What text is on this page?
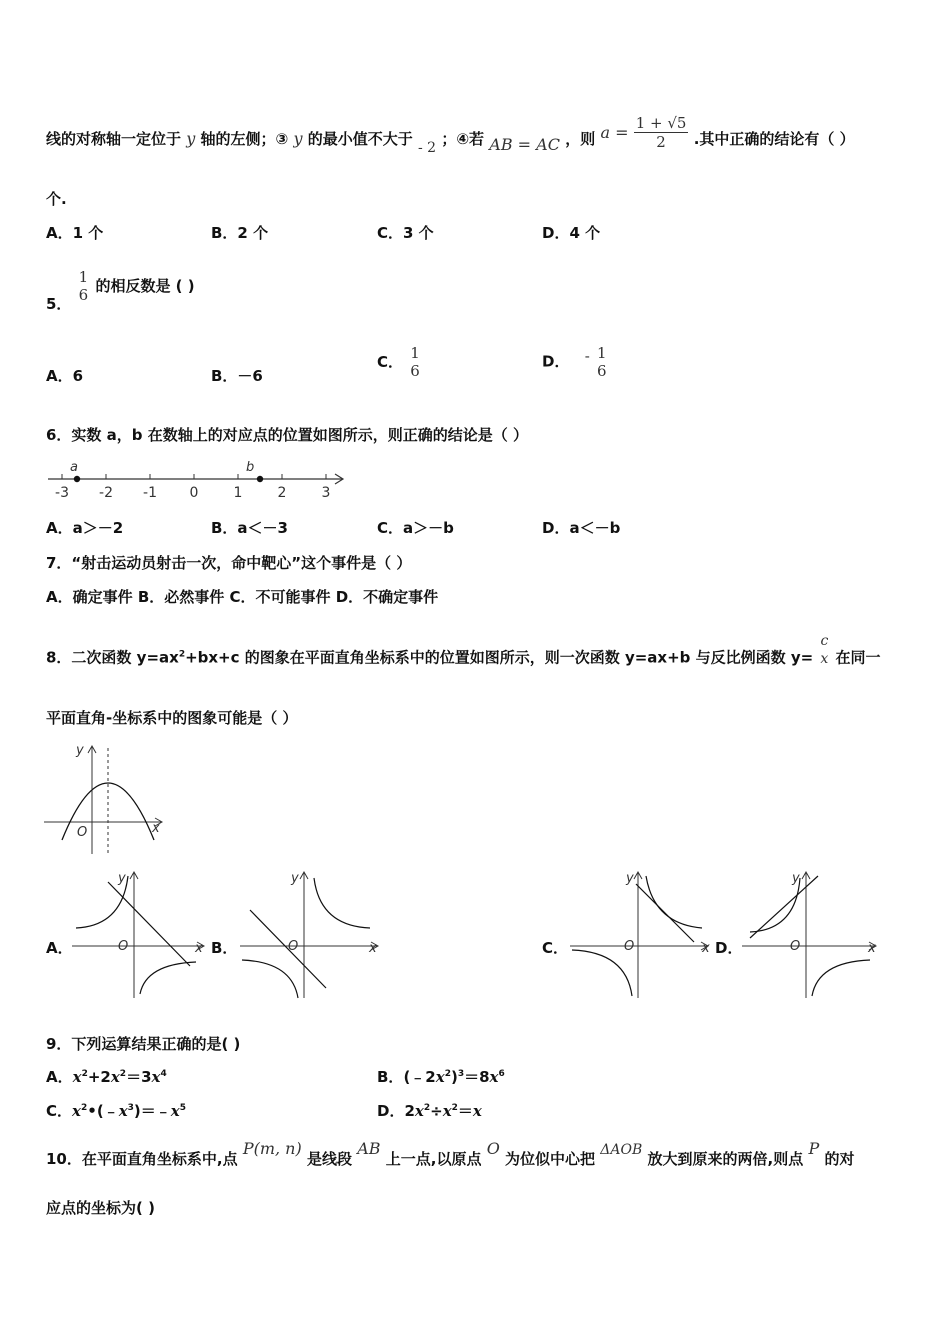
线的对称轴一定位于 y 轴的左侧；③ y 的最小值不大于 - 2 ；④若 AB = AC ，则 $a = \frac{1 + √5}{2}$ .其中正确的结论有（ ）
个.
A．1 个	B．2 个	C．3 个	D．4 个
5．
1
6
的相反数是 ( )
A．6	B．－6
C． 1
6
D． - 1
6
6．实数 a，b 在数轴上的对应点的位置如图所示，则正确的结论是（ ）
-3 -2 -1 0	1	2	3
a	b
A．a＞－2	B．a＜－3	C．a＞－b	D．a＜－b
7．“射击运动员射击一次，命中靶心”这个事件是（ ）
A．确定事件 B．必然事件 C．不可能事件 D．不确定事件
8．二次函数 $y=ax^2+bx+c$ 的图象在平面直角坐标系中的位置如图所示，则一次函数 y=ax+b 与反比例函数 y=
c
x 在同一
平面直角-坐标系中的图象可能是（ ）
y
x
O
A．
y
x
O	B．
y
x
O	C．
y
x
O	D．
y
x
O
9．下列运算结果正确的是( )
A．$x^2+2x^2=3x^4$	B．$(﹣2x^2)^3=8x^6$
C．$x^2•(﹣x^3)=﹣x^5$	D．$2x^2\div x^2=x$
10．在平面直角坐标系中,点 P(m, n) 是线段 AB 上一点,以原点 O 为位似中心把 ΔAOB 放大到原来的两倍,则点 P 的对
应点的坐标为( )
